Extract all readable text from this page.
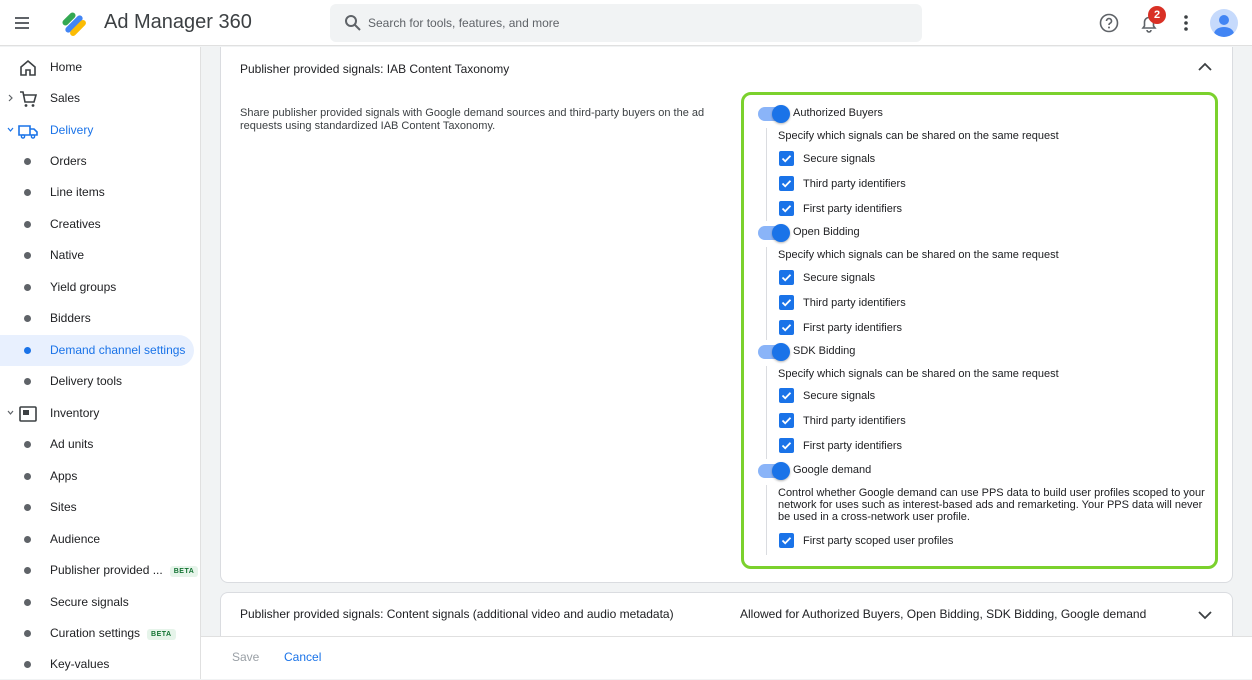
Ad Manager 360
Search for tools, features, and more	2
Home
Sales
Delivery
Orders
Line items
Creatives
Native
Yield groups
Bidders
Demand channel settings
Delivery tools
Inventory
Ad units
Apps
Sites
Audience
Publisher provided ... BETA
Secure signals
Curation settings BETA
Key-values
Publisher provided signals: IAB Content Taxonomy
Share publisher provided signals with Google demand sources and third-party buyers on the ad requests using standardized IAB Content Taxonomy.
Authorized Buyers
Specify which signals can be shared on the same request
Secure signals
Third party identifiers
First party identifiers
Open Bidding
Specify which signals can be shared on the same request
Secure signals
Third party identifiers
First party identifiers
SDK Bidding
Specify which signals can be shared on the same request
Secure signals
Third party identifiers
First party identifiers
Google demand
Control whether Google demand can use PPS data to build user profiles scoped to your network for uses such as interest-based ads and remarketing. Your PPS data will never be used in a cross-network user profile.
First party scoped user profiles
Publisher provided signals: Content signals (additional video and audio metadata)	Allowed for Authorized Buyers, Open Bidding, SDK Bidding, Google demand
Save Cancel
